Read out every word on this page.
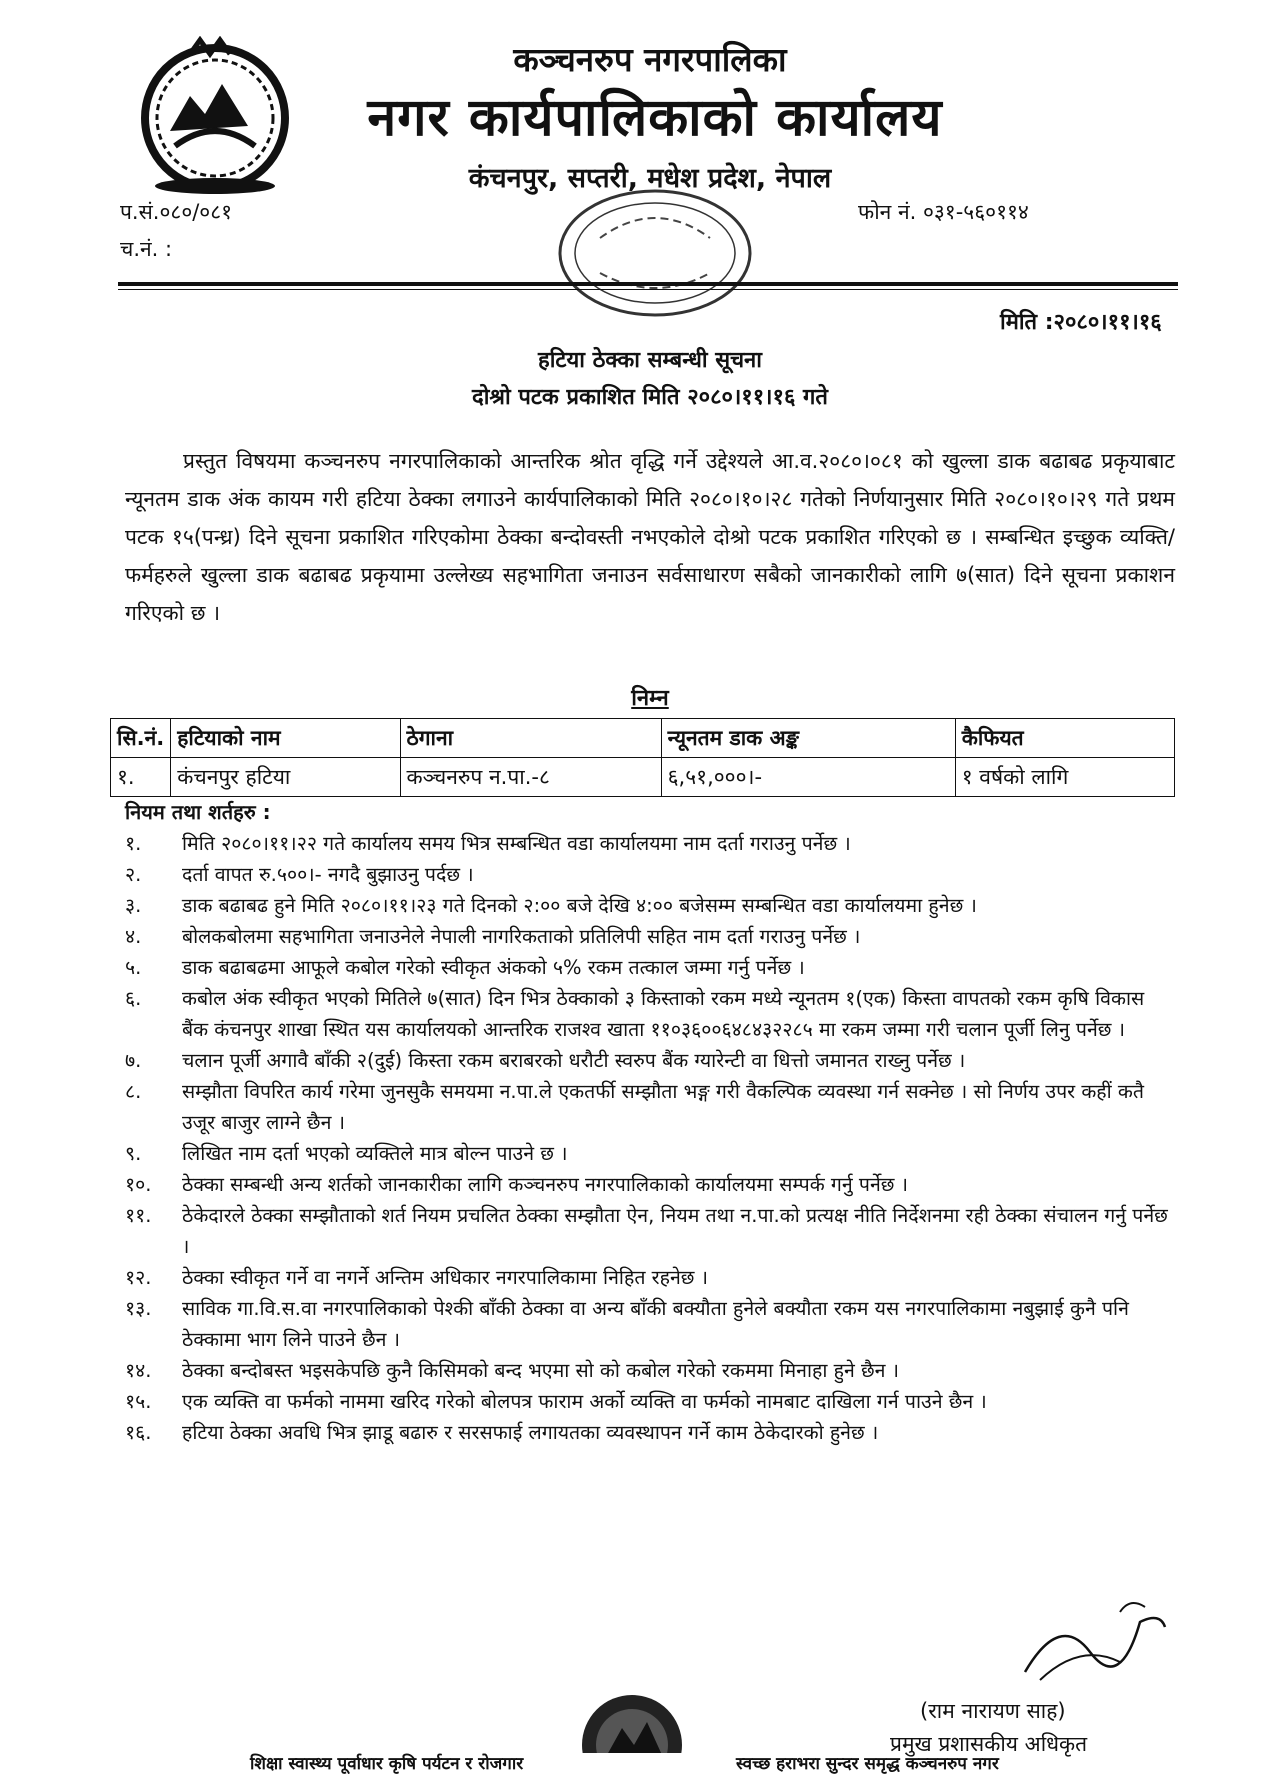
कञ्चनरुप नगरपालिका
नगर कार्यपालिकाको कार्यालय
कंचनपुर, सप्तरी, मधेश प्रदेश, नेपाल
प.सं.०८०/०८१
च.नं. :
फोन नं. ०३१-५६०११४
मिति :२०८०।११।१६
हटिया ठेक्का सम्बन्धी सूचना
दोश्रो पटक प्रकाशित मिति २०८०।११।१६ गते
प्रस्तुत विषयमा कञ्चनरुप नगरपालिकाको आन्तरिक श्रोत वृद्धि गर्ने उद्देश्यले आ.व.२०८०।०८१ को खुल्ला डाक बढाबढ प्रकृयाबाट न्यूनतम डाक अंक कायम गरी हटिया ठेक्का लगाउने कार्यपालिकाको मिति २०८०।१०।२८ गतेको निर्णयानुसार मिति २०८०।१०।२९ गते प्रथम पटक १५(पन्ध्र) दिने सूचना प्रकाशित गरिएकोमा ठेक्का बन्दोवस्ती नभएकोले दोश्रो पटक प्रकाशित गरिएको छ । सम्बन्धित इच्छुक व्यक्ति/फर्महरुले खुल्ला डाक बढाबढ प्रकृयामा उल्लेख्य सहभागिता जनाउन सर्वसाधारण सबैको जानकारीको लागि ७(सात) दिने सूचना प्रकाशन गरिएको छ ।
निम्न
सि.नं.	हटियाको नाम	ठेगाना	न्यूनतम डाक अङ्क	कैफियत
१.	कंचनपुर हटिया	कञ्चनरुप न.पा.-८	६,५१,०००।-	१ वर्षको लागि
नियम तथा शर्तहरु :
१.	मिति २०८०।११।२२ गते कार्यालय समय भित्र सम्बन्धित वडा कार्यालयमा नाम दर्ता गराउनु पर्नेछ ।
२.	दर्ता वापत रु.५००।- नगदै बुझाउनु पर्दछ ।
३.	डाक बढाबढ हुने मिति २०८०।११।२३ गते दिनको २:०० बजे देखि ४:०० बजेसम्म सम्बन्धित वडा कार्यालयमा हुनेछ ।
४.	बोलकबोलमा सहभागिता जनाउनेले नेपाली नागरिकताको प्रतिलिपी सहित नाम दर्ता गराउनु पर्नेछ ।
५.	डाक बढाबढमा आफूले कबोल गरेको स्वीकृत अंकको ५% रकम तत्काल जम्मा गर्नु पर्नेछ ।
६.	कबोल अंक स्वीकृत भएको मितिले ७(सात) दिन भित्र ठेक्काको ३ किस्ताको रकम मध्ये न्यूनतम १(एक) किस्ता वापतको रकम कृषि विकास बैंक कंचनपुर शाखा स्थित यस कार्यालयको आन्तरिक राजश्व खाता ११०३६००६४८४३२२८५ मा रकम जम्मा गरी चलान पूर्जी लिनु पर्नेछ ।
७.	चलान पूर्जी अगावै बाँकी २(दुई) किस्ता रकम बराबरको धरौटी स्वरुप बैंक ग्यारेन्टी वा धित्तो जमानत राख्नु पर्नेछ ।
८.	सम्झौता विपरित कार्य गरेमा जुनसुकै समयमा न.पा.ले एकतर्फी सम्झौता भङ्ग गरी वैकल्पिक व्यवस्था गर्न सक्नेछ । सो निर्णय उपर कहीं कतै उजूर बाजुर लाग्ने छैन ।
९.	लिखित नाम दर्ता भएको व्यक्तिले मात्र बोल्न पाउने छ ।
१०.	ठेक्का सम्बन्धी अन्य शर्तको जानकारीका लागि कञ्चनरुप नगरपालिकाको कार्यालयमा सम्पर्क गर्नु पर्नेछ ।
११.	ठेकेदारले ठेक्का सम्झौताको शर्त नियम प्रचलित ठेक्का सम्झौता ऐन, नियम तथा न.पा.को प्रत्यक्ष नीति निर्देशनमा रही ठेक्का संचालन गर्नु पर्नेछ ।
१२.	ठेक्का स्वीकृत गर्ने वा नगर्ने अन्तिम अधिकार नगरपालिकामा निहित रहनेछ ।
१३.	साविक गा.वि.स.वा नगरपालिकाको पेश्की बाँकी ठेक्का वा अन्य बाँकी बक्यौता हुनेले बक्यौता रकम यस नगरपालिकामा नबुझाई कुनै पनि ठेक्कामा भाग लिने पाउने छैन ।
१४.	ठेक्का बन्दोबस्त भइसकेपछि कुनै किसिमको बन्द भएमा सो को कबोल गरेको रकममा मिनाहा हुने छैन ।
१५.	एक व्यक्ति वा फर्मको नाममा खरिद गरेको बोलपत्र फाराम अर्को व्यक्ति वा फर्मको नामबाट दाखिला गर्न पाउने छैन ।
१६.	हटिया ठेक्का अवधि भित्र झाडू बढारु र सरसफाई लगायतका व्यवस्थापन गर्ने काम ठेकेदारको हुनेछ ।
(राम नारायण साह)
प्रमुख प्रशासकीय अधिकृत
शिक्षा स्वास्थ्य पूर्वाधार कृषि पर्यटन र रोजगार	स्वच्छ हराभरा सुन्दर समृद्ध कञ्चनरुप नगर
